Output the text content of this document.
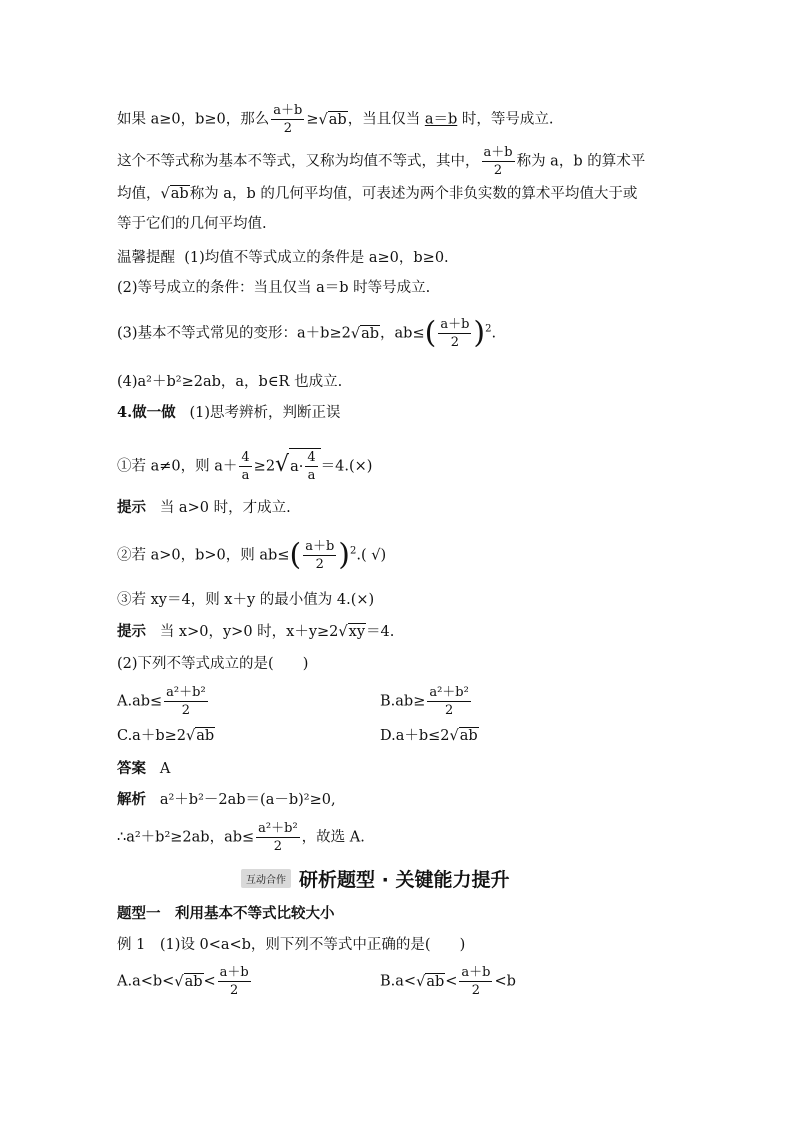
如果 a≥0，b≥0，那么 $\frac{a+b}{2} \ge√ab$，当且仅当 a＝b 时，等号成立.
这个不等式称为基本不等式，又称为均值不等式，其中， $\frac{a+b}{2}$ 称为 a，b 的算术平
均值，√ab称为 a，b 的几何平均值，可表述为两个非负实数的算术平均值大于或
等于它们的几何平均值.
温馨提醒 (1)均值不等式成立的条件是 a≥0，b≥0.
(2)等号成立的条件：当且仅当 a＝b 时等号成立.
(3)基本不等式常见的变形：a＋b≥2√ab，$ab\le( \frac{a+b}{2} )^2$.
(4)a²＋b²≥2ab，a，b∈R 也成立.
4.做一做 (1)思考辨析，判断正误
①若 a≠0，则 $a+ \frac{4}{a} \ge 2√$ $a\cdot \frac{4}{a} =4.(\times)$
提示 当 a>0 时，才成立.
②若 a>0，b>0，则 $ab\le( \frac{a+b}{2} )^2$.( √)
③若 xy＝4，则 x＋y 的最小值为 4.(×)
提示 当 x>0，y>0 时，x＋y≥2√xy＝4.
(2)下列不等式成立的是(　　)
$A.ab\le \frac{\text{a²＋b²}}{2}$	$B.ab\ge \frac{\text{a²＋b²}}{2}$
C.a＋b≥2√ab	D.a＋b≤2√ab
答案 A
解析 a²＋b²－2ab＝(a－b)²≥0,
∴a²＋b²≥2ab，$ab\le \frac{\text{a²＋b²}}{2}$ ，故选 A.
互动合作 研析题型 · 关键能力提升
题型一　利用基本不等式比较大小
例 1　(1)设 0<a<b，则下列不等式中正确的是(　　)
$A.a<b<√ab< \frac{a+b}{2}$	$B.a<√ab< \frac{a+b}{2} <b$
